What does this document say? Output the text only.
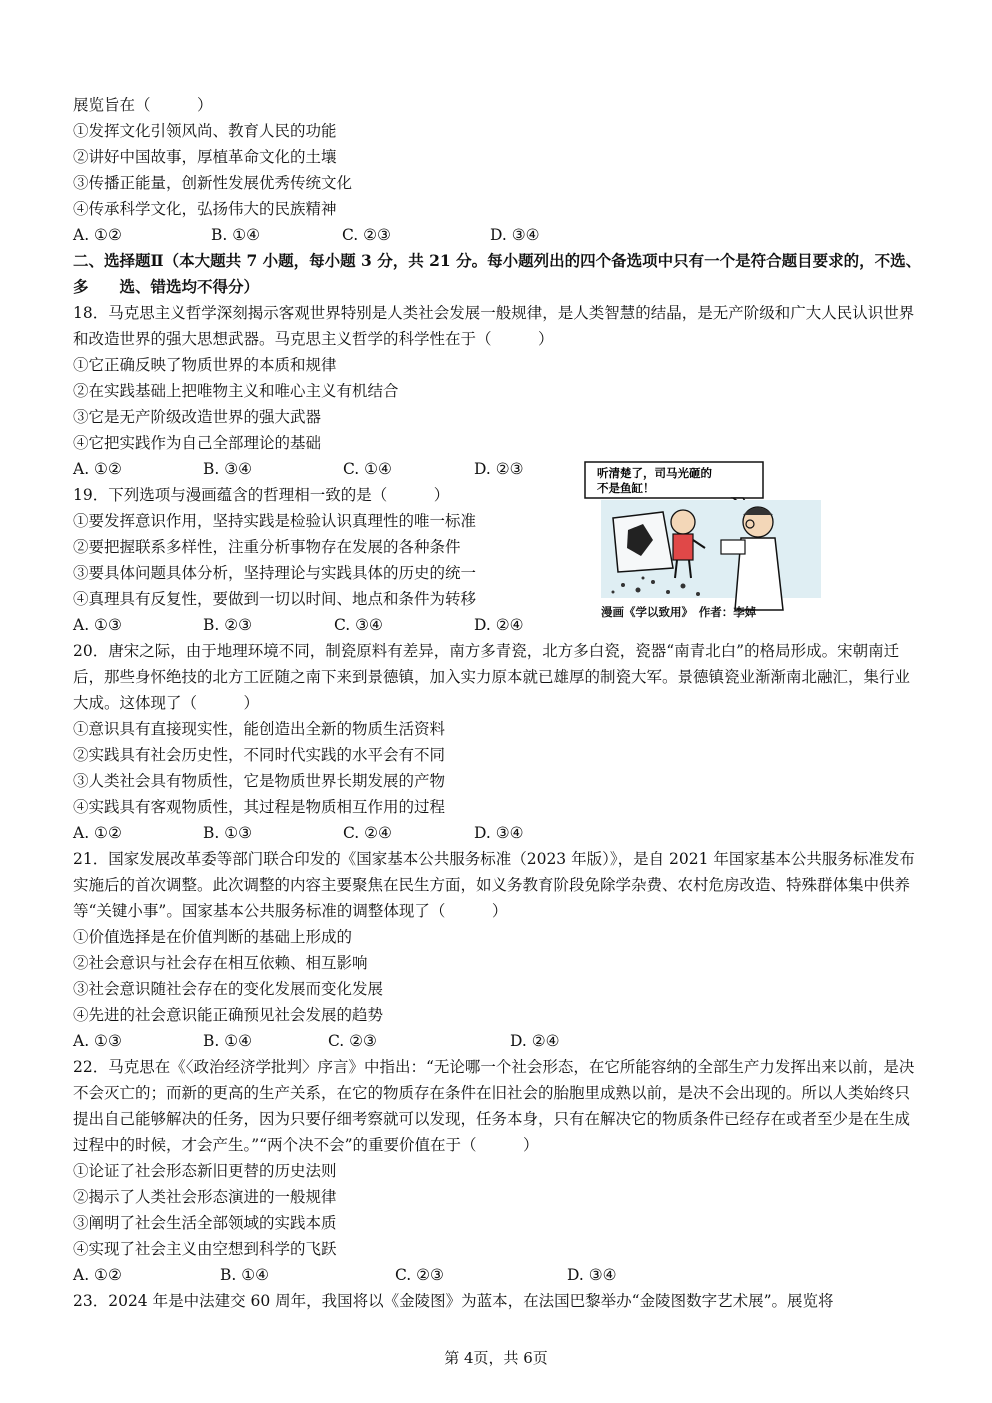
展览旨在（　　　）
①发挥文化引领风尚、教育人民的功能
②讲好中国故事，厚植革命文化的土壤
③传播正能量，创新性发展优秀传统文化
④传承科学文化，弘扬伟大的民族精神
A. ①②	B. ①④	C. ②③	D. ③④
二、选择题Ⅱ（本大题共 7 小题，每小题 3 分，共 21 分。每小题列出的四个备选项中只有一个是符合题目要求的，不选、多　　选、错选均不得分）
18．马克思主义哲学深刻揭示客观世界特别是人类社会发展一般规律，是人类智慧的结晶，是无产阶级和广大人民认识世界和改造世界的强大思想武器。马克思主义哲学的科学性在于（　　　）
①它正确反映了物质世界的本质和规律
②在实践基础上把唯物主义和唯心主义有机结合
③它是无产阶级改造世界的强大武器
④它把实践作为自己全部理论的基础
A. ①②	B. ③④	C. ①④	D. ②③
19．下列选项与漫画蕴含的哲理相一致的是（　　　）
①要发挥意识作用，坚持实践是检验认识真理性的唯一标准
②要把握联系多样性，注重分析事物存在发展的各种条件
③要具体问题具体分析，坚持理论与实践具体的历史的统一
④真理具有反复性，要做到一切以时间、地点和条件为转移
A. ①③	B. ②③	C. ③④	D. ②④
20．唐宋之际，由于地理环境不同，制瓷原料有差异，南方多青瓷，北方多白瓷，瓷器“南青北白”的格局形成。宋朝南迁后，那些身怀绝技的北方工匠随之南下来到景德镇，加入实力原本就已雄厚的制瓷大军。景德镇瓷业渐渐南北融汇，集行业大成。这体现了（　　　）
①意识具有直接现实性，能创造出全新的物质生活资料
②实践具有社会历史性，不同时代实践的水平会有不同
③人类社会具有物质性，它是物质世界长期发展的产物
④实践具有客观物质性，其过程是物质相互作用的过程
A. ①②	B. ①③	C. ②④	D. ③④
21．国家发展改革委等部门联合印发的《国家基本公共服务标准（2023 年版）》，是自 2021 年国家基本公共服务标准发布实施后的首次调整。此次调整的内容主要聚焦在民生方面，如义务教育阶段免除学杂费、农村危房改造、特殊群体集中供养等“关键小事”。国家基本公共服务标准的调整体现了（　　　）
①价值选择是在价值判断的基础上形成的
②社会意识与社会存在相互依赖、相互影响
③社会意识随社会存在的变化发展而变化发展
④先进的社会意识能正确预见社会发展的趋势
A. ①③	B. ①④	C. ②③	D. ②④
22．马克思在《〈政治经济学批判〉序言》中指出：“无论哪一个社会形态，在它所能容纳的全部生产力发挥出来以前，是决不会灭亡的；而新的更高的生产关系，在它的物质存在条件在旧社会的胎胞里成熟以前，是决不会出现的。所以人类始终只提出自己能够解决的任务，因为只要仔细考察就可以发现，任务本身，只有在解决它的物质条件已经存在或者至少是在生成过程中的时候，才会产生。”“两个决不会”的重要价值在于（　　　）
①论证了社会形态新旧更替的历史法则
②揭示了人类社会形态演进的一般规律
③阐明了社会生活全部领域的实践本质
④实现了社会主义由空想到科学的飞跃
A. ①②	B. ①④	C. ②③	D. ③④
23．2024 年是中法建交 60 周年，我国将以《金陵图》为蓝本，在法国巴黎举办“金陵图数字艺术展”。展览将
听清楚了，司马光砸的
不是鱼缸！
漫画《学以致用》　作者：李婥
第 4页，共 6页
